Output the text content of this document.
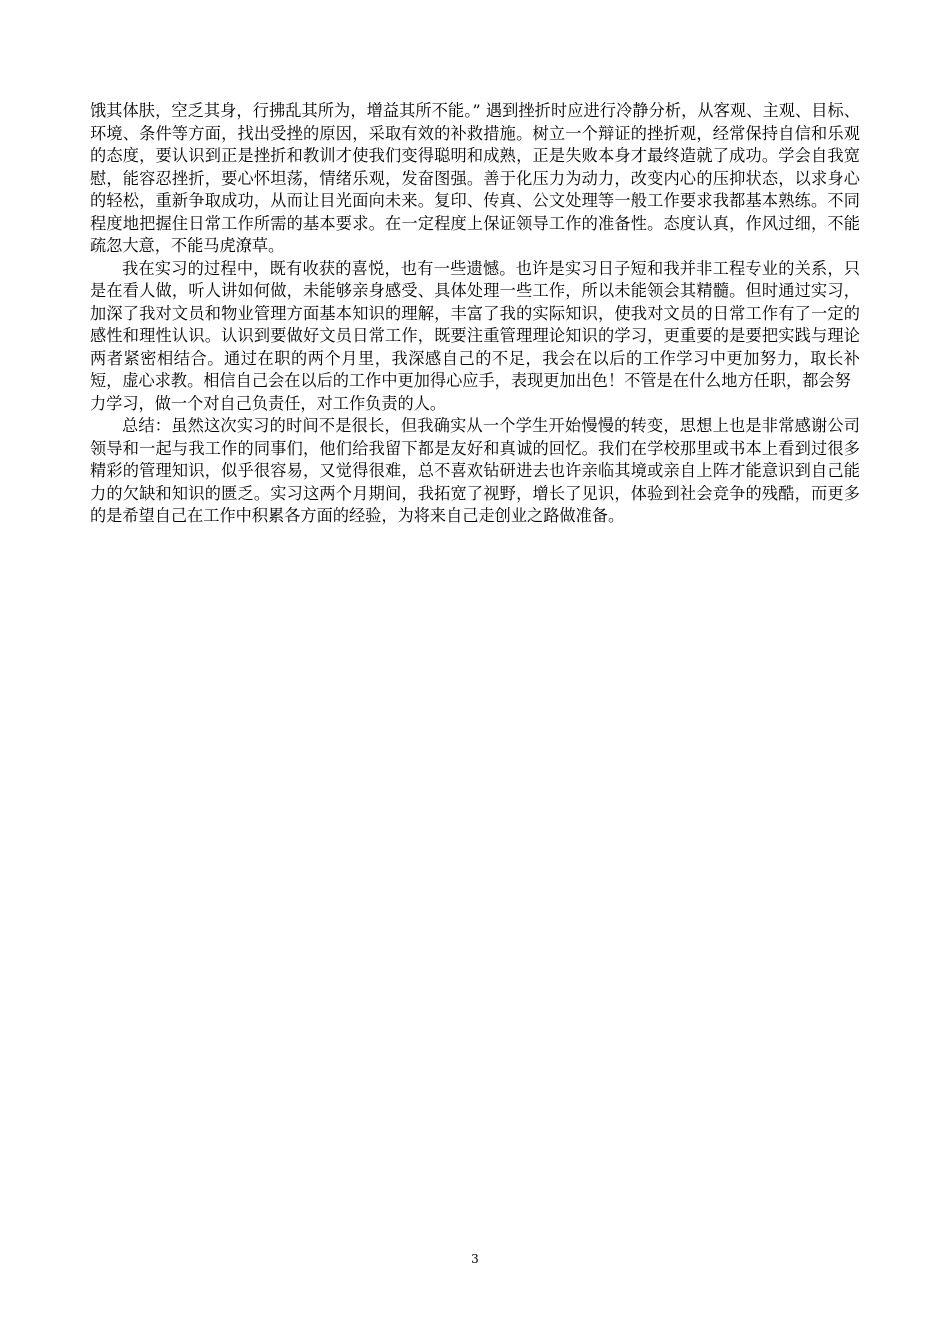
饿其体肤，空乏其身，行拂乱其所为，增益其所不能。” 遇到挫折时应进行冷静分析，从客观、主观、目标、环境、条件等方面，找出受挫的原因，采取有效的补救措施。树立一个辩证的挫折观，经常保持自信和乐观的态度，要认识到正是挫折和教训才使我们变得聪明和成熟，正是失败本身才最终造就了成功。学会自我宽慰，能容忍挫折，要心怀坦荡，情绪乐观，发奋图强。善于化压力为动力，改变内心的压抑状态，以求身心的轻松，重新争取成功，从而让目光面向未来。复印、传真、公文处理等一般工作要求我都基本熟练。不同程度地把握住日常工作所需的基本要求。在一定程度上保证领导工作的准备性。态度认真，作风过细，不能疏忽大意，不能马虎潦草。

我在实习的过程中，既有收获的喜悦，也有一些遗憾。也许是实习日子短和我并非工程专业的关系，只是在看人做，听人讲如何做，未能够亲身感受、具体处理一些工作，所以未能领会其精髓。但时通过实习，加深了我对文员和物业管理方面基本知识的理解，丰富了我的实际知识，使我对文员的日常工作有了一定的感性和理性认识。认识到要做好文员日常工作，既要注重管理理论知识的学习，更重要的是要把实践与理论两者紧密相结合。通过在职的两个月里，我深感自己的不足，我会在以后的工作学习中更加努力，取长补短，虚心求教。相信自己会在以后的工作中更加得心应手，表现更加出色！不管是在什么地方任职，都会努
力学习，做一个对自己负责任，对工作负责的人。

总结：虽然这次实习的时间不是很长，但我确实从一个学生开始慢慢的转变，思想上也是非常感谢公司领导和一起与我工作的同事们，他们给我留下都是友好和真诚的回忆。我们在学校那里或书本上看到过很多精彩的管理知识，似乎很容易，又觉得很难，总不喜欢钻研进去也许亲临其境或亲自上阵才能意识到自己能力的欠缺和知识的匮乏。实习这两个月期间，我拓宽了视野，增长了见识，体验到社会竞争的残酷，而更多的是希望自己在工作中积累各方面的经验，为将来自己走创业之路做准备。

3
